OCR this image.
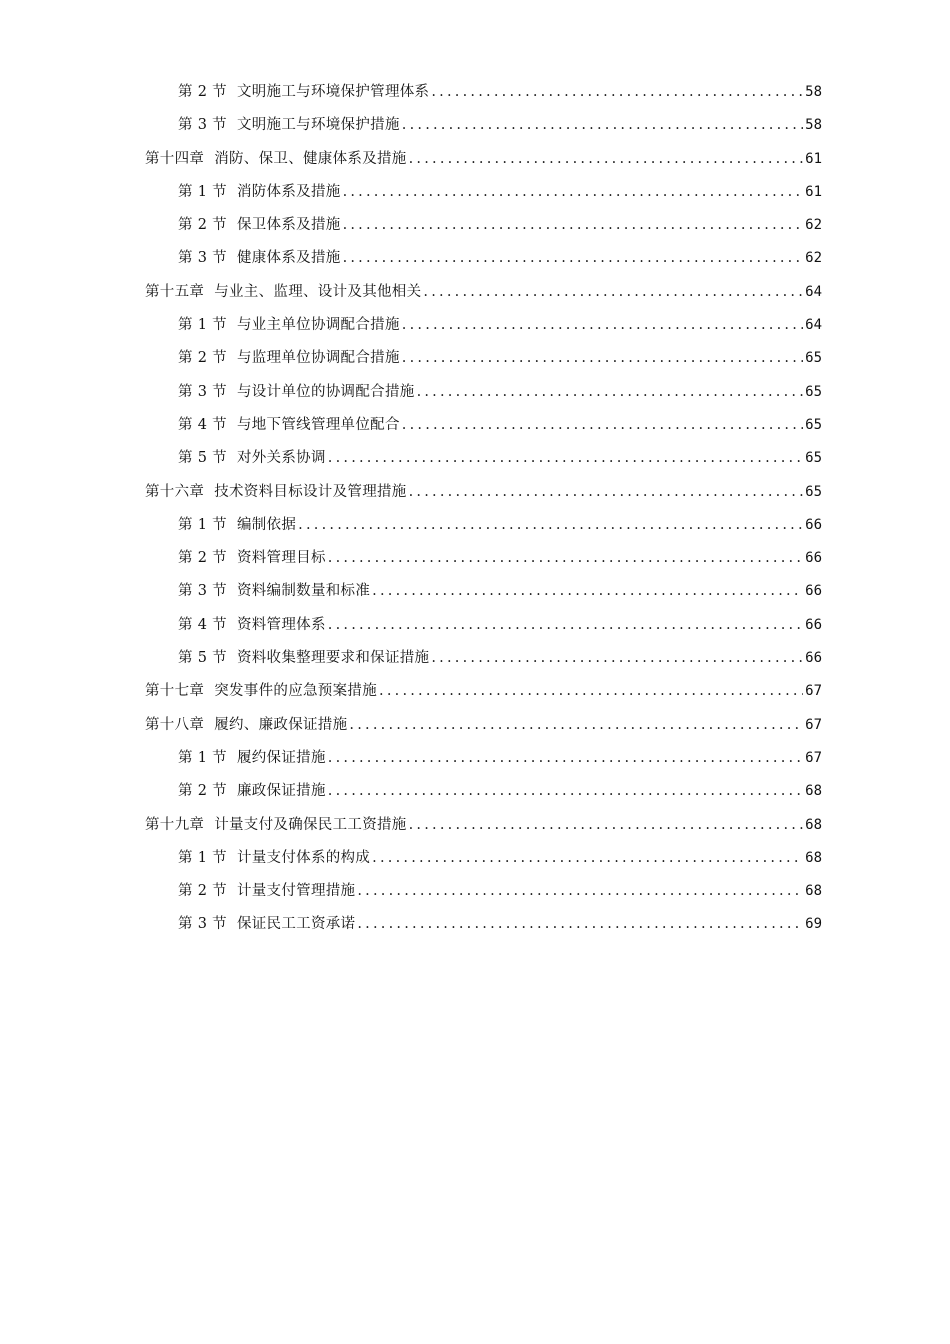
第 2 节 文明施工与环境保护管理体系 .....	58
第 3 节 文明施工与环境保护措施 .....	58
第十四章 消防、保卫、健康体系及措施 .....	61
第 1 节 消防体系及措施 .....	61
第 2 节 保卫体系及措施 .....	62
第 3 节 健康体系及措施 .....	62
第十五章 与业主、监理、设计及其他相关 .....	64
第 1 节 与业主单位协调配合措施 .....	64
第 2 节 与监理单位协调配合措施 .....	65
第 3 节 与设计单位的协调配合措施 .....	65
第 4 节 与地下管线管理单位配合 .....	65
第 5 节 对外关系协调 .....	65
第十六章 技术资料目标设计及管理措施 .....	65
第 1 节 编制依据 .....	66
第 2 节 资料管理目标 .....	66
第 3 节 资料编制数量和标准 .....	66
第 4 节 资料管理体系 .....	66
第 5 节 资料收集整理要求和保证措施 .....	66
第十七章 突发事件的应急预案措施 .....	67
第十八章 履约、廉政保证措施 .....	67
第 1 节 履约保证措施 .....	67
第 2 节 廉政保证措施 .....	68
第十九章 计量支付及确保民工工资措施 .....	68
第 1 节 计量支付体系的构成 .....	68
第 2 节 计量支付管理措施 .....	68
第 3 节 保证民工工资承诺 .....	69
